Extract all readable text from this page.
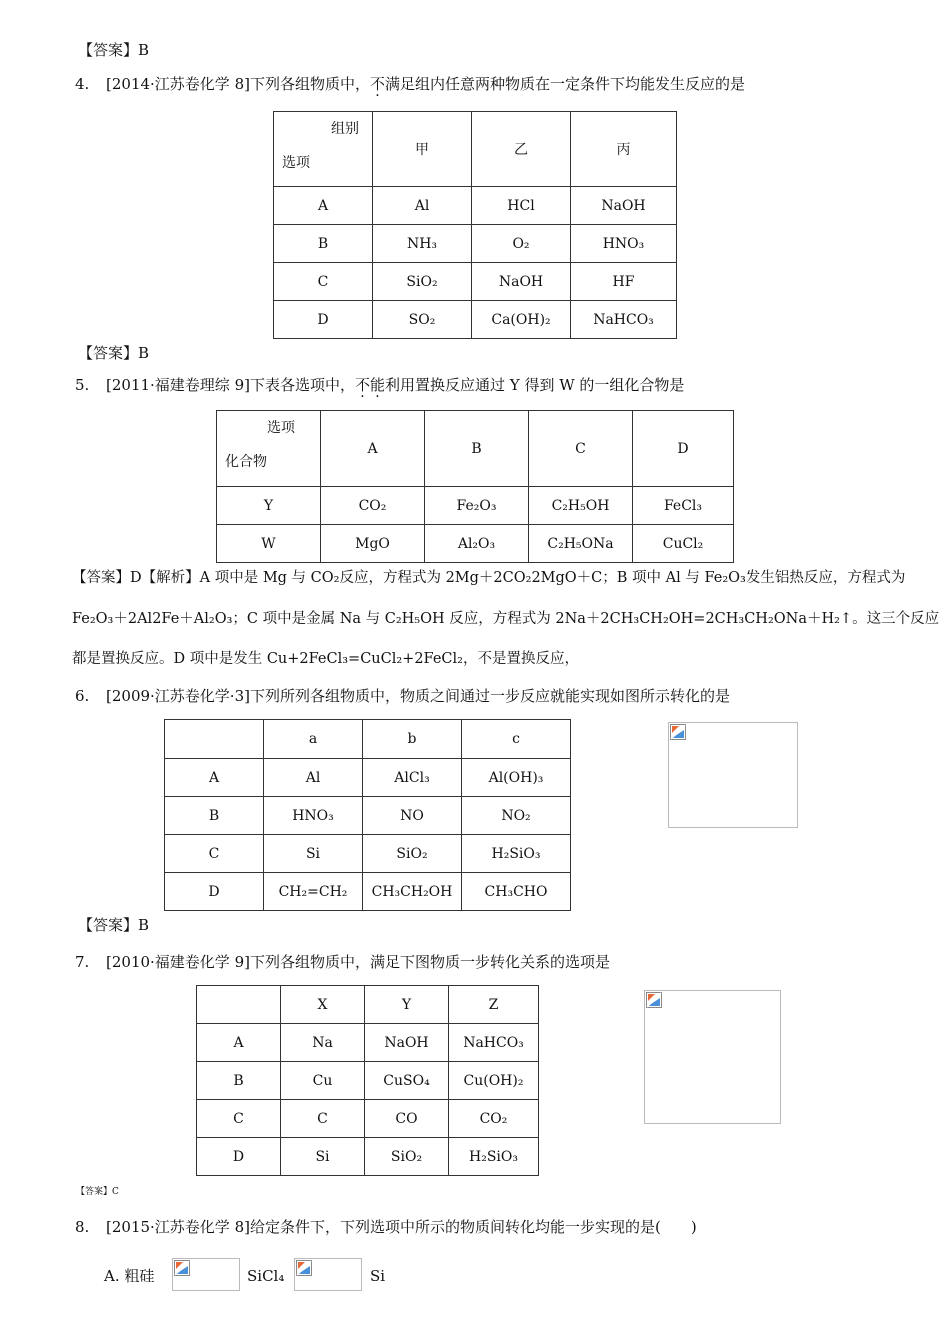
【答案】B
4. [2014·江苏卷化学 8]下列各组物质中，不满足组内任意两种物质在一定条件下均能发生反应的是
组别
选项	甲	乙	丙
A	Al	HCl	NaOH
B	NH₃	O₂	HNO₃
C	SiO₂	NaOH	HF
D	SO₂	Ca(OH)₂	NaHCO₃
【答案】B
5. [2011·福建卷理综 9]下表各选项中，不能利用置换反应通过 Y 得到 W 的一组化合物是
选项
化合物	A	B	C	D
Y	CO₂	Fe₂O₃	C₂H₅OH	FeCl₃
W	MgO	Al₂O₃	C₂H₅ONa	CuCl₂
【答案】D【解析】A 项中是 Mg 与 CO₂反应，方程式为 2Mg＋2CO₂2MgO＋C；B 项中 Al 与 Fe₂O₃发生铝热反应，方程式为
Fe₂O₃＋2Al2Fe＋Al₂O₃；C 项中是金属 Na 与 C₂H₅OH 反应，方程式为 2Na＋2CH₃CH₂OH=2CH₃CH₂ONa＋H₂↑。这三个反应
都是置换反应。D 项中是发生 Cu+2FeCl₃=CuCl₂+2FeCl₂，不是置换反应，
6. [2009·江苏卷化学·3]下列所列各组物质中，物质之间通过一步反应就能实现如图所示转化的是
	a	b	c
A	Al	AlCl₃	Al(OH)₃
B	HNO₃	NO	NO₂
C	Si	SiO₂	H₂SiO₃
D	CH₂=CH₂	CH₃CH₂OH	CH₃CHO
【答案】B
7. [2010·福建卷化学 9]下列各组物质中，满足下图物质一步转化关系的选项是
	X	Y	Z
A	Na	NaOH	NaHCO₃
B	Cu	CuSO₄	Cu(OH)₂
C	C	CO	CO₂
D	Si	SiO₂	H₂SiO₃
【答案】C
8. [2015·江苏卷化学 8]给定条件下，下列选项中所示的物质间转化均能一步实现的是(　　)
A. 粗硅	SiCl₄	Si
